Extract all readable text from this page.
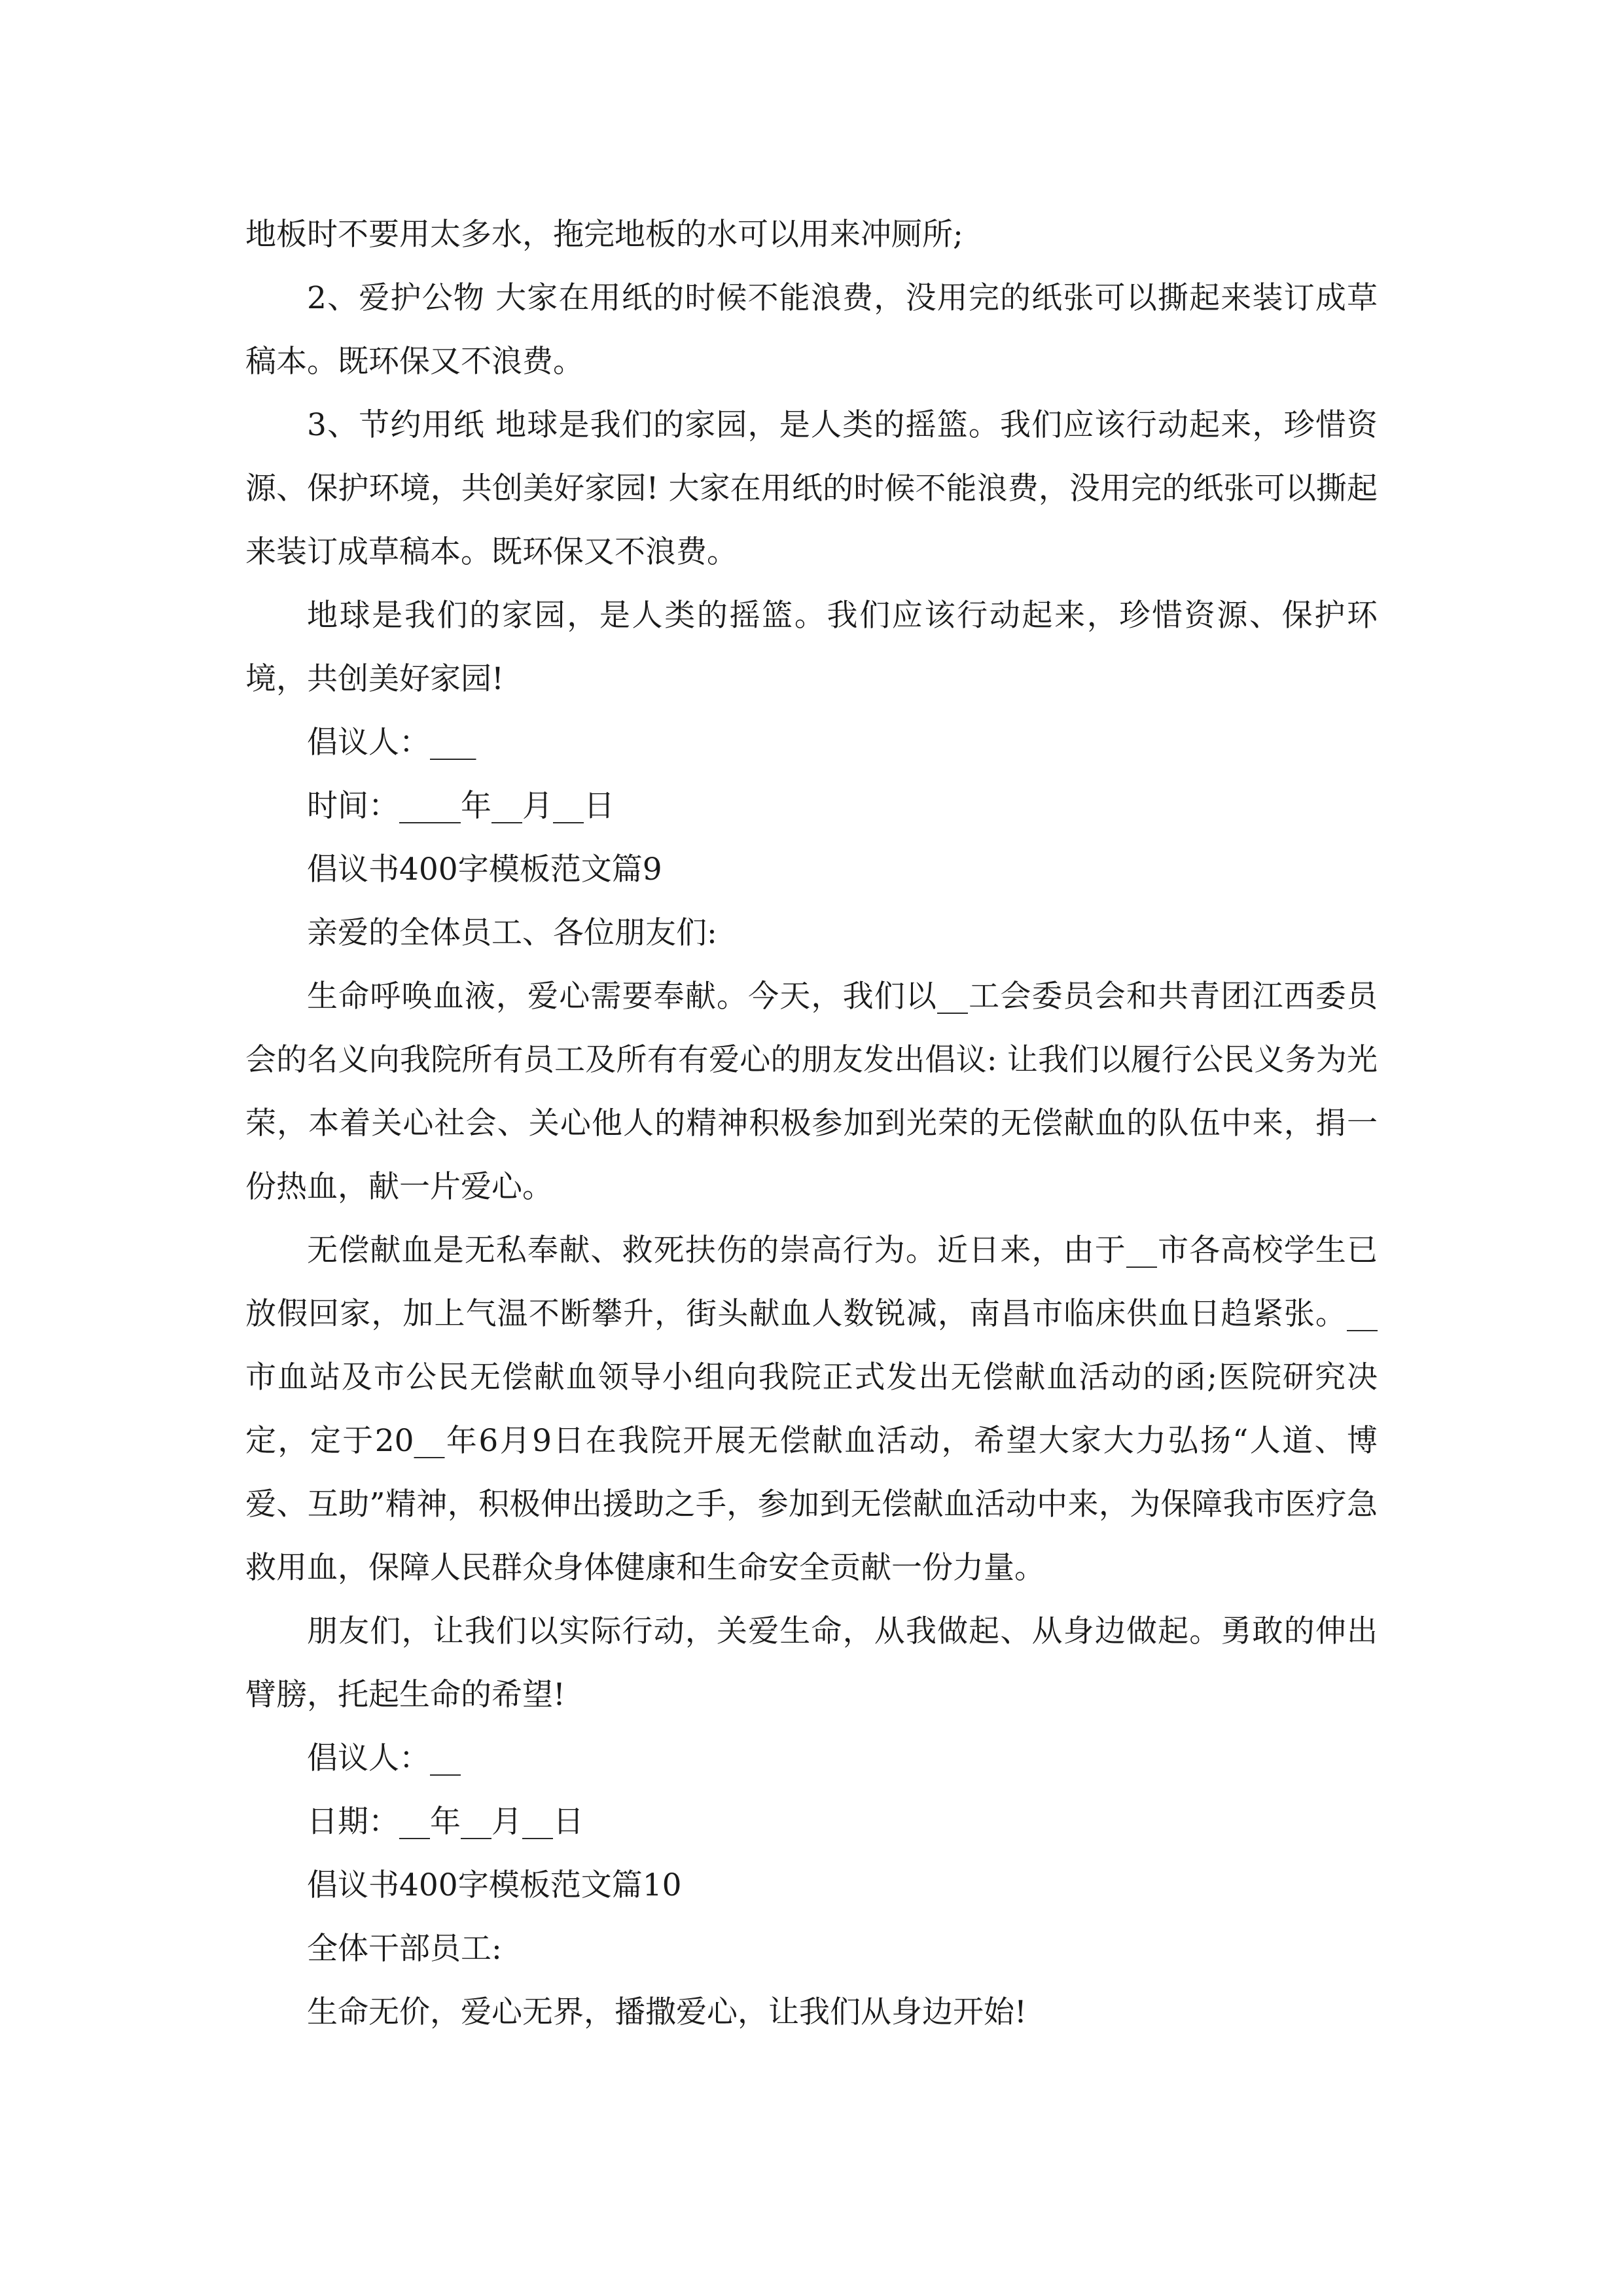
地板时不要用太多水，拖完地板的水可以用来冲厕所;

2、爱护公物 大家在用纸的时候不能浪费，没用完的纸张可以撕起来装订成草稿本。既环保又不浪费。

3、节约用纸 地球是我们的家园，是人类的摇篮。我们应该行动起来，珍惜资源、保护环境，共创美好家园! 大家在用纸的时候不能浪费，没用完的纸张可以撕起来装订成草稿本。既环保又不浪费。

地球是我们的家园，是人类的摇篮。我们应该行动起来，珍惜资源、保护环境，共创美好家园!

倡议人：___

时间：____年__月__日

倡议书400字模板范文篇9

亲爱的全体员工、各位朋友们:

生命呼唤血液，爱心需要奉献。今天，我们以__工会委员会和共青团江西委员会的名义向我院所有员工及所有有爱心的朋友发出倡议: 让我们以履行公民义务为光荣，本着关心社会、关心他人的精神积极参加到光荣的无偿献血的队伍中来，捐一份热血，献一片爱心。

无偿献血是无私奉献、救死扶伤的崇高行为。近日来，由于__市各高校学生已放假回家，加上气温不断攀升，街头献血人数锐减，南昌市临床供血日趋紧张。__市血站及市公民无偿献血领导小组向我院正式发出无偿献血活动的函;医院研究决定，定于20__年6月9日在我院开展无偿献血活动，希望大家大力弘扬“人道、博爱、互助”精神，积极伸出援助之手，参加到无偿献血活动中来，为保障我市医疗急救用血，保障人民群众身体健康和生命安全贡献一份力量。

朋友们，让我们以实际行动，关爱生命，从我做起、从身边做起。勇敢的伸出臂膀，托起生命的希望!

倡议人：__

日期：__年__月__日

倡议书400字模板范文篇10

全体干部员工:

生命无价，爱心无界，播撒爱心，让我们从身边开始!
